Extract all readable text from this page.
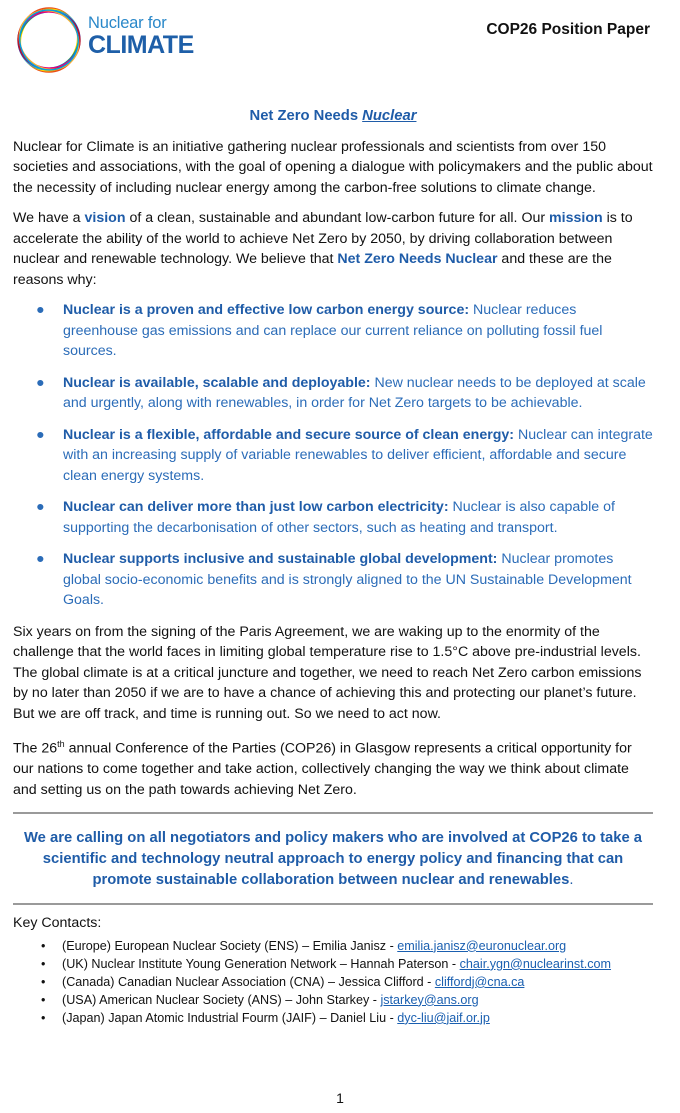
Nuclear for
CLIMATE
COP26 Position Paper
Net Zero Needs Nuclear

Nuclear for Climate is an initiative gathering nuclear professionals and scientists from over 150 societies and associations, with the goal of opening a dialogue with policymakers and the public about the necessity of including nuclear energy among the carbon-free solutions to climate change.

We have a vision of a clean, sustainable and abundant low-carbon future for all. Our mission is to accelerate the ability of the world to achieve Net Zero by 2050, by driving collaboration between nuclear and renewable technology. We believe that Net Zero Needs Nuclear and these are the reasons why:

● Nuclear is a proven and effective low carbon energy source: Nuclear reduces greenhouse gas emissions and can replace our current reliance on polluting fossil fuel sources.
● Nuclear is available, scalable and deployable: New nuclear needs to be deployed at scale and urgently, along with renewables, in order for Net Zero targets to be achievable.
● Nuclear is a flexible, affordable and secure source of clean energy: Nuclear can integrate with an increasing supply of variable renewables to deliver efficient, affordable and secure clean energy systems.
● Nuclear can deliver more than just low carbon electricity: Nuclear is also capable of supporting the decarbonisation of other sectors, such as heating and transport.
● Nuclear supports inclusive and sustainable global development: Nuclear promotes global socio-economic benefits and is strongly aligned to the UN Sustainable Development Goals.

Six years on from the signing of the Paris Agreement, we are waking up to the enormity of the challenge that the world faces in limiting global temperature rise to 1.5°C above pre-industrial levels. The global climate is at a critical juncture and together, we need to reach Net Zero carbon emissions by no later than 2050 if we are to have a chance of achieving this and protecting our planet’s future. But we are off track, and time is running out. So we need to act now.

The 26th annual Conference of the Parties (COP26) in Glasgow represents a critical opportunity for our nations to come together and take action, collectively changing the way we think about climate and setting us on the path towards achieving Net Zero.

We are calling on all negotiators and policy makers who are involved at COP26 to take a scientific and technology neutral approach to energy policy and financing that can promote sustainable collaboration between nuclear and renewables.

Key Contacts:

• (Europe) European Nuclear Society (ENS) – Emilia Janisz - emilia.janisz@euronuclear.org
• (UK) Nuclear Institute Young Generation Network – Hannah Paterson - chair.ygn@nuclearinst.com
• (Canada) Canadian Nuclear Association (CNA) – Jessica Clifford - cliffordj@cna.ca
• (USA) American Nuclear Society (ANS) – John Starkey - jstarkey@ans.org
• (Japan) Japan Atomic Industrial Fourm (JAIF) – Daniel Liu - dyc-liu@jaif.or.jp
1
